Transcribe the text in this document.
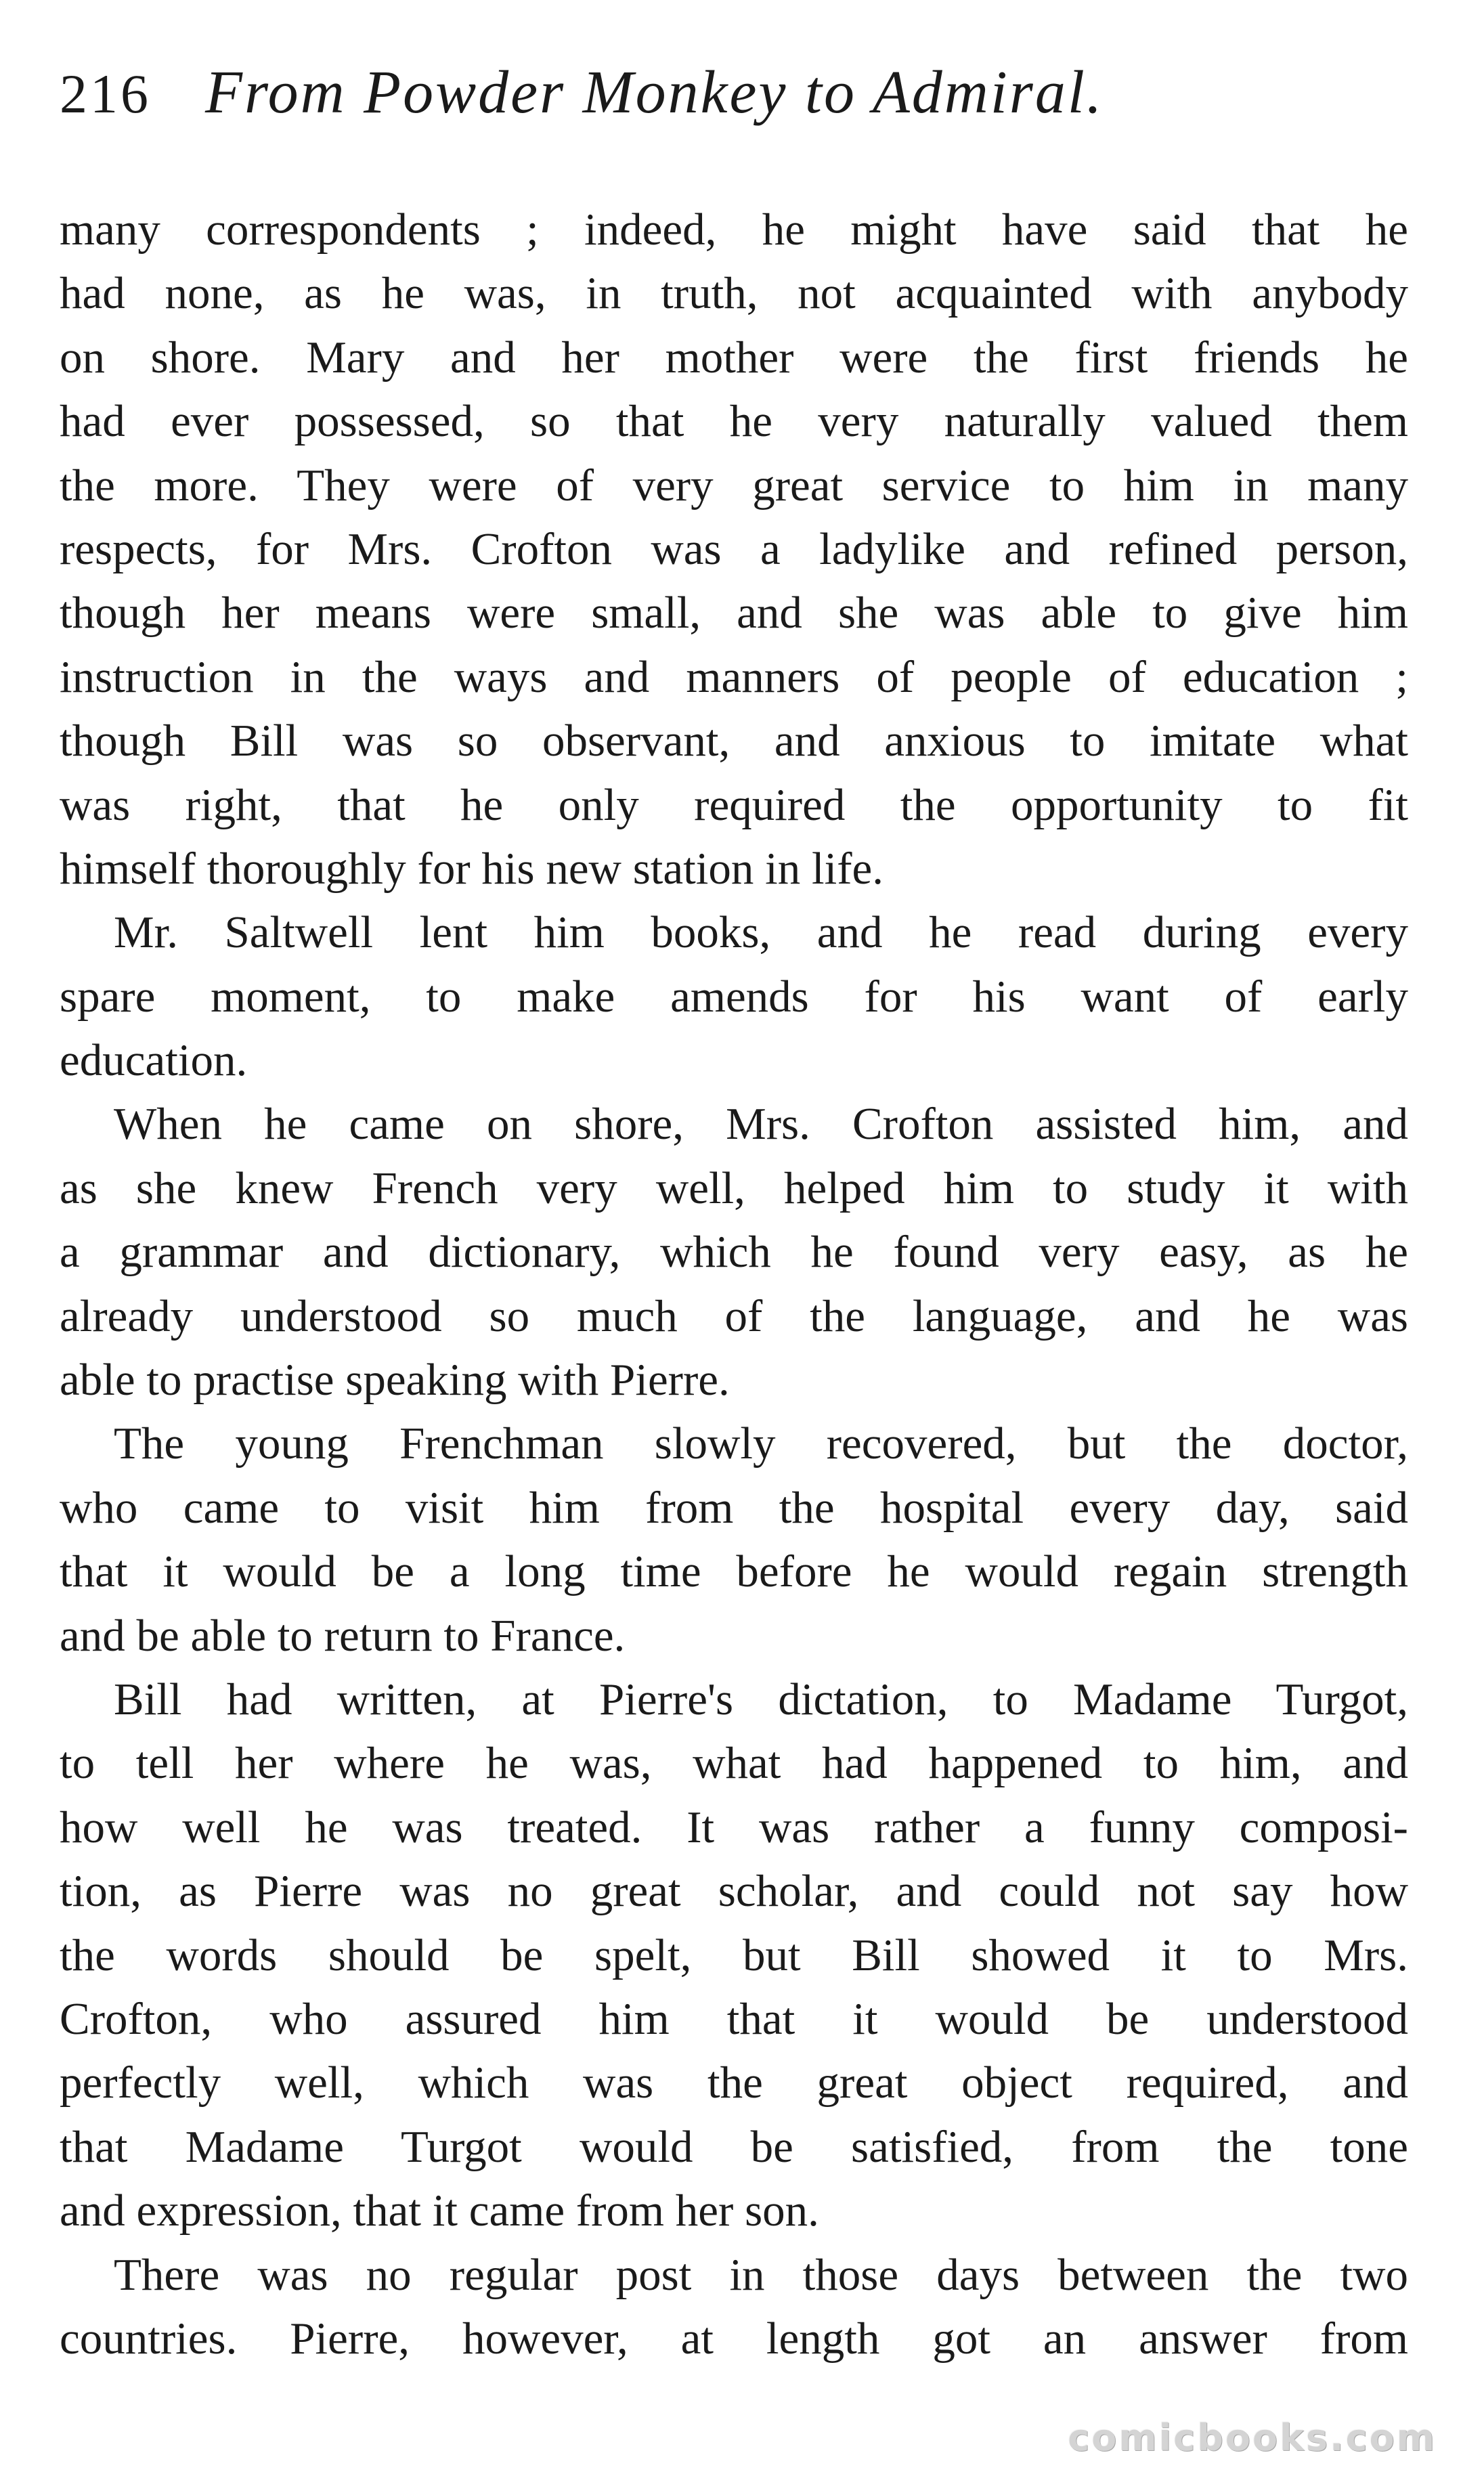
216 From Powder Monkey to Admiral.
many correspondents ; indeed, he might have said that he
had none, as he was, in truth, not acquainted with anybody
on shore. Mary and her mother were the first friends he
had ever possessed, so that he very naturally valued them
the more. They were of very great service to him in many
respects, for Mrs. Crofton was a ladylike and refined person,
though her means were small, and she was able to give him
instruction in the ways and manners of people of education ;
though Bill was so observant, and anxious to imitate what
was right, that he only required the opportunity to fit
himself thoroughly for his new station in life.
Mr. Saltwell lent him books, and he read during every
spare moment, to make amends for his want of early
education.
When he came on shore, Mrs. Crofton assisted him, and
as she knew French very well, helped him to study it with
a grammar and dictionary, which he found very easy, as he
already understood so much of the language, and he was
able to practise speaking with Pierre.
The young Frenchman slowly recovered, but the doctor,
who came to visit him from the hospital every day, said
that it would be a long time before he would regain strength
and be able to return to France.
Bill had written, at Pierre's dictation, to Madame Turgot,
to tell her where he was, what had happened to him, and
how well he was treated. It was rather a funny composi-
tion, as Pierre was no great scholar, and could not say how
the words should be spelt, but Bill showed it to Mrs.
Crofton, who assured him that it would be understood
perfectly well, which was the great object required, and
that Madame Turgot would be satisfied, from the tone
and expression, that it came from her son.
There was no regular post in those days between the two
countries. Pierre, however, at length got an answer from
comicbooks.com
